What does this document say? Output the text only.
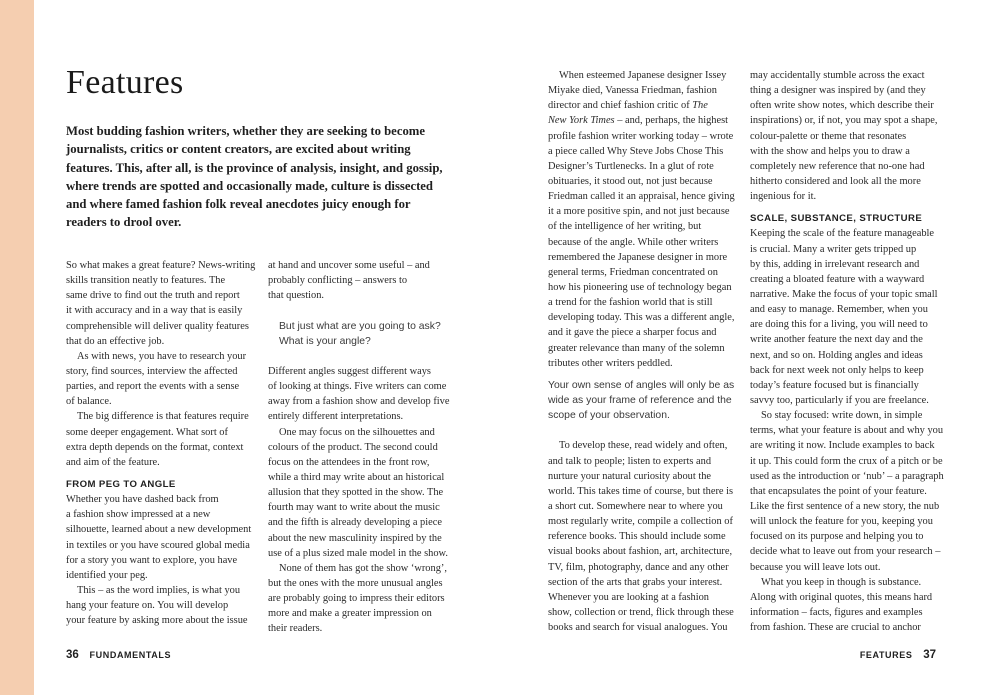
Features

Most budding fashion writers, whether they are seeking to become journalists, critics or content creators, are excited about writing features. This, after all, is the province of analysis, insight, and gossip, where trends are spotted and occasionally made, culture is dissected and where famed fashion folk reveal anecdotes juicy enough for readers to drool over.

So what makes a great feature? News-writing
skills transition neatly to features. The
same drive to find out the truth and report
it with accuracy and in a way that is easily
comprehensible will deliver quality features
that do an effective job.
As with news, you have to research your
story, find sources, interview the affected
parties, and report the events with a sense
of balance.
The big difference is that features require
some deeper engagement. What sort of
extra depth depends on the format, context
and aim of the feature.
FROM PEG TO ANGLE
Whether you have dashed back from
a fashion show impressed at a new
silhouette, learned about a new development
in textiles or you have scoured global media
for a story you want to explore, you have
identified your peg.
This – as the word implies, is what you
hang your feature on. You will develop
your feature by asking more about the issue
at hand and uncover some useful – and
probably conflicting – answers to
that question.
But just what are you going to ask?
What is your angle?
Different angles suggest different ways
of looking at things. Five writers can come
away from a fashion show and develop five
entirely different interpretations.
One may focus on the silhouettes and
colours of the product. The second could
focus on the attendees in the front row,
while a third may write about an historical
allusion that they spotted in the show. The
fourth may want to write about the music
and the fifth is already developing a piece
about the new masculinity inspired by the
use of a plus sized male model in the show.
None of them has got the show ‘wrong’,
but the ones with the more unusual angles
are probably going to impress their editors
more and make a greater impression on
their readers.
When esteemed Japanese designer Issey
Miyake died, Vanessa Friedman, fashion
director and chief fashion critic of The
New York Times – and, perhaps, the highest
profile fashion writer working today – wrote
a piece called Why Steve Jobs Chose This
Designer’s Turtlenecks. In a glut of rote
obituaries, it stood out, not just because
Friedman called it an appraisal, hence giving
it a more positive spin, and not just because
of the intelligence of her writing, but
because of the angle. While other writers
remembered the Japanese designer in more
general terms, Friedman concentrated on
how his pioneering use of technology began
a trend for the fashion world that is still
developing today. This was a different angle,
and it gave the piece a sharper focus and
greater relevance than many of the solemn
tributes other writers peddled.
Your own sense of angles will only be as
wide as your frame of reference and the
scope of your observation.
To develop these, read widely and often,
and talk to people; listen to experts and
nurture your natural curiosity about the
world. This takes time of course, but there is
a short cut. Somewhere near to where you
most regularly write, compile a collection of
reference books. This should include some
visual books about fashion, art, architecture,
TV, film, photography, dance and any other
section of the arts that grabs your interest.
Whenever you are looking at a fashion
show, collection or trend, flick through these
books and search for visual analogues. You
may accidentally stumble across the exact
thing a designer was inspired by (and they
often write show notes, which describe their
inspirations) or, if not, you may spot a shape,
colour-palette or theme that resonates
with the show and helps you to draw a
completely new reference that no-one had
hitherto considered and look all the more
ingenious for it.
SCALE, SUBSTANCE, STRUCTURE
Keeping the scale of the feature manageable
is crucial. Many a writer gets tripped up
by this, adding in irrelevant research and
creating a bloated feature with a wayward
narrative. Make the focus of your topic small
and easy to manage. Remember, when you
are doing this for a living, you will need to
write another feature the next day and the
next, and so on. Holding angles and ideas
back for next week not only helps to keep
today’s feature focused but is financially
savvy too, particularly if you are freelance.
So stay focused: write down, in simple
terms, what your feature is about and why you
are writing it now. Include examples to back
it up. This could form the crux of a pitch or be
used as the introduction or ‘nub’ – a paragraph
that encapsulates the point of your feature.
Like the first sentence of a new story, the nub
will unlock the feature for you, keeping you
focused on its purpose and helping you to
decide what to leave out from your research –
because you will leave lots out.
What you keep in though is substance.
Along with original quotes, this means hard
information – facts, figures and examples
from fashion. These are crucial to anchor
36 FUNDAMENTALS	FEATURES 37
